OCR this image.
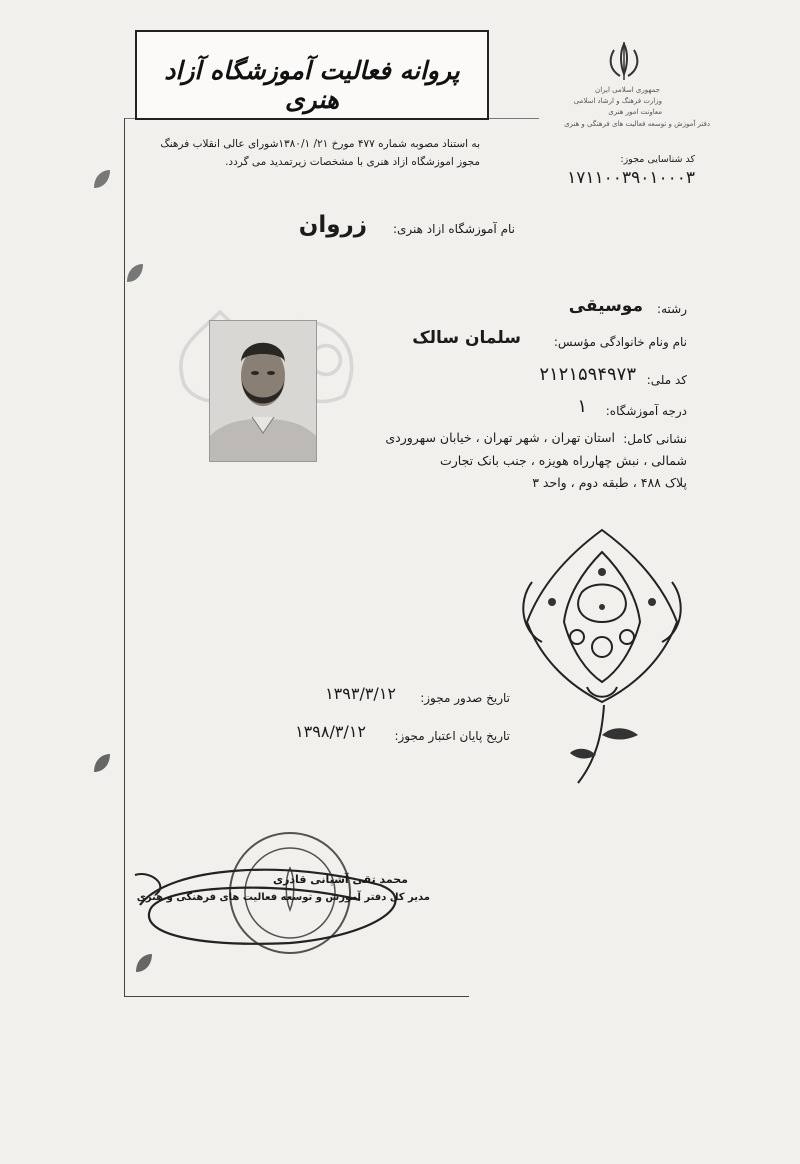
پروانه فعالیت آموزشگاه آزاد هنری	جمهوری اسلامی ایران
وزارت فرهنگ و ارشاد اسلامی
معاونت امور هنری
دفتر آموزش و توسعه فعالیت های فرهنگی و هنری
به استناد مصوبه شماره ۴۷۷ مورخ ۲۱/ ۱۳۸۰/۱شورای عالی انقلاب فرهنگ
مجوز اموزشگاه ازاد هنری با مشخصات زیرتمدید می گردد.	کد شناسایی مجوز:
۱۷۱۱۰۰۳۹۰۱۰۰۰۳
نام آموزشگاه ازاد هنری:
زروان
رشته:
موسیقی
نام ونام خانوادگی مؤسس:
سلمان سالک
کد ملی:
۲۱۲۱۵۹۴۹۷۳
درجه آموزشگاه:
۱
نشانی کامل:
استان تهران ، شهر تهران ، خیابان سهروردی
شمالی ، نبش چهارراه هویزه ، جنب بانک تجارت
پلاک ۴۸۸ ، طبقه دوم ، واحد ۳
تاریخ صدور مجوز:
۱۳۹۳/۳/۱۲
تاریخ پایان اعتبار مجوز:
۱۳۹۸/۳/۱۲
محمد تقی آشپانی قادری
مدیر کل دفتر آموزش و توسعه فعالیت های فرهنگی و هنری
